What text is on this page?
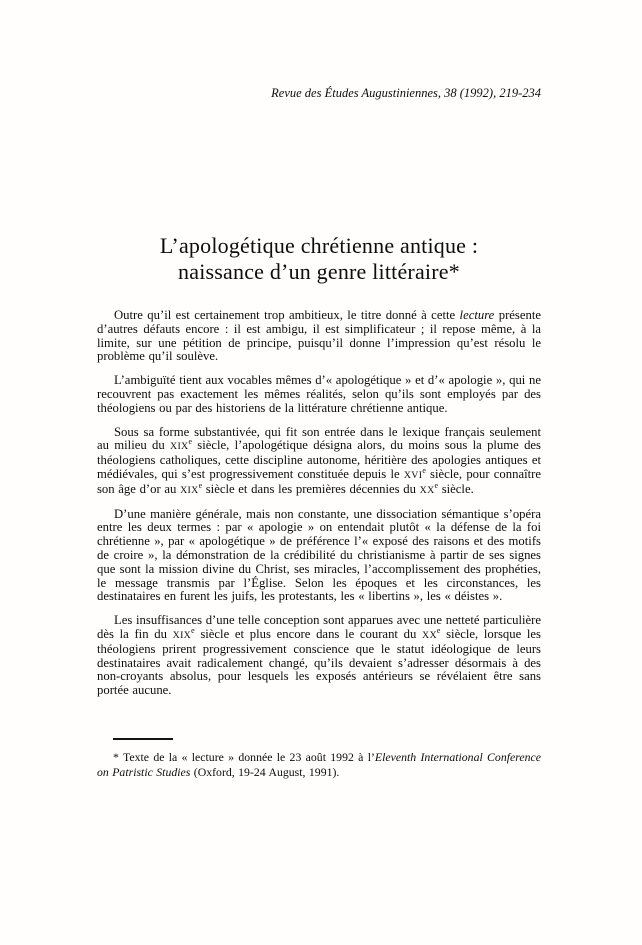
Revue des Études Augustiniennes, 38 (1992), 219-234
L’apologétique chrétienne antique :
naissance d’un genre littéraire*

Outre qu’il est certainement trop ambitieux, le titre donné à cette lecture présente d’autres défauts encore : il est ambigu, il est simplificateur ; il repose même, à la limite, sur une pétition de principe, puisqu’il donne l’impression qu’est résolu le problème qu’il soulève.

L’ambiguïté tient aux vocables mêmes d’« apologétique » et d’« apologie », qui ne recouvrent pas exactement les mêmes réalités, selon qu’ils sont employés par des théologiens ou par des historiens de la littérature chrétienne antique.

Sous sa forme substantivée, qui fit son entrée dans le lexique français seulement au milieu du XIXe siècle, l’apologétique désigna alors, du moins sous la plume des théologiens catholiques, cette discipline autonome, héritière des apologies antiques et médiévales, qui s’est progressivement constituée depuis le XVIe siècle, pour connaître son âge d’or au XIXe siècle et dans les premières décennies du XXe siècle.

D’une manière générale, mais non constante, une dissociation sémantique s’opéra entre les deux termes : par « apologie » on entendait plutôt « la défense de la foi chrétienne », par « apologétique » de préférence l’« exposé des raisons et des motifs de croire », la démonstration de la crédibilité du christianisme à partir de ses signes que sont la mission divine du Christ, ses miracles, l’accomplissement des prophéties, le message transmis par l’Église. Selon les époques et les circonstances, les destinataires en furent les juifs, les protestants, les « libertins », les « déistes ».

Les insuffisances d’une telle conception sont apparues avec une netteté particulière dès la fin du XIXe siècle et plus encore dans le courant du XXe siècle, lorsque les théologiens prirent progressivement conscience que le statut idéologique de leurs destinataires avait radicalement changé, qu’ils devaient s’adresser désormais à des non-croyants absolus, pour lesquels les exposés antérieurs se révélaient être sans portée aucune.

* Texte de la « lecture » donnée le 23 août 1992 à l’Eleventh International Conference on Patristic Studies (Oxford, 19-24 August, 1991).
